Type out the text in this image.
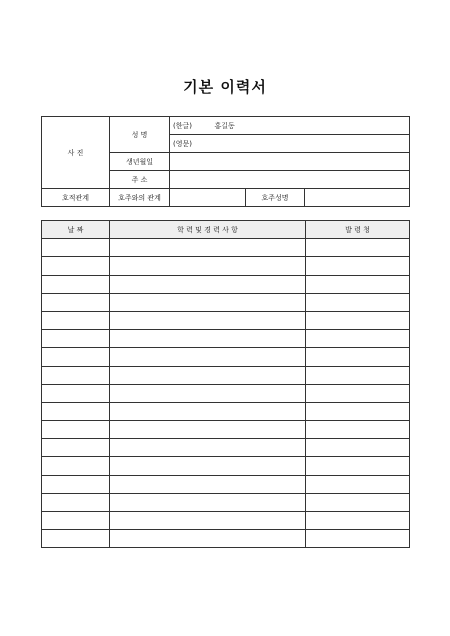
기본 이력서
사 진	성 명	(한글) 홍길동		
		(영문)		
	생년월일			
	주 소			
호적관계	호주와의 관계		호주성명	
날 짜	학 력 및 경 력 사 항	발 령 청
